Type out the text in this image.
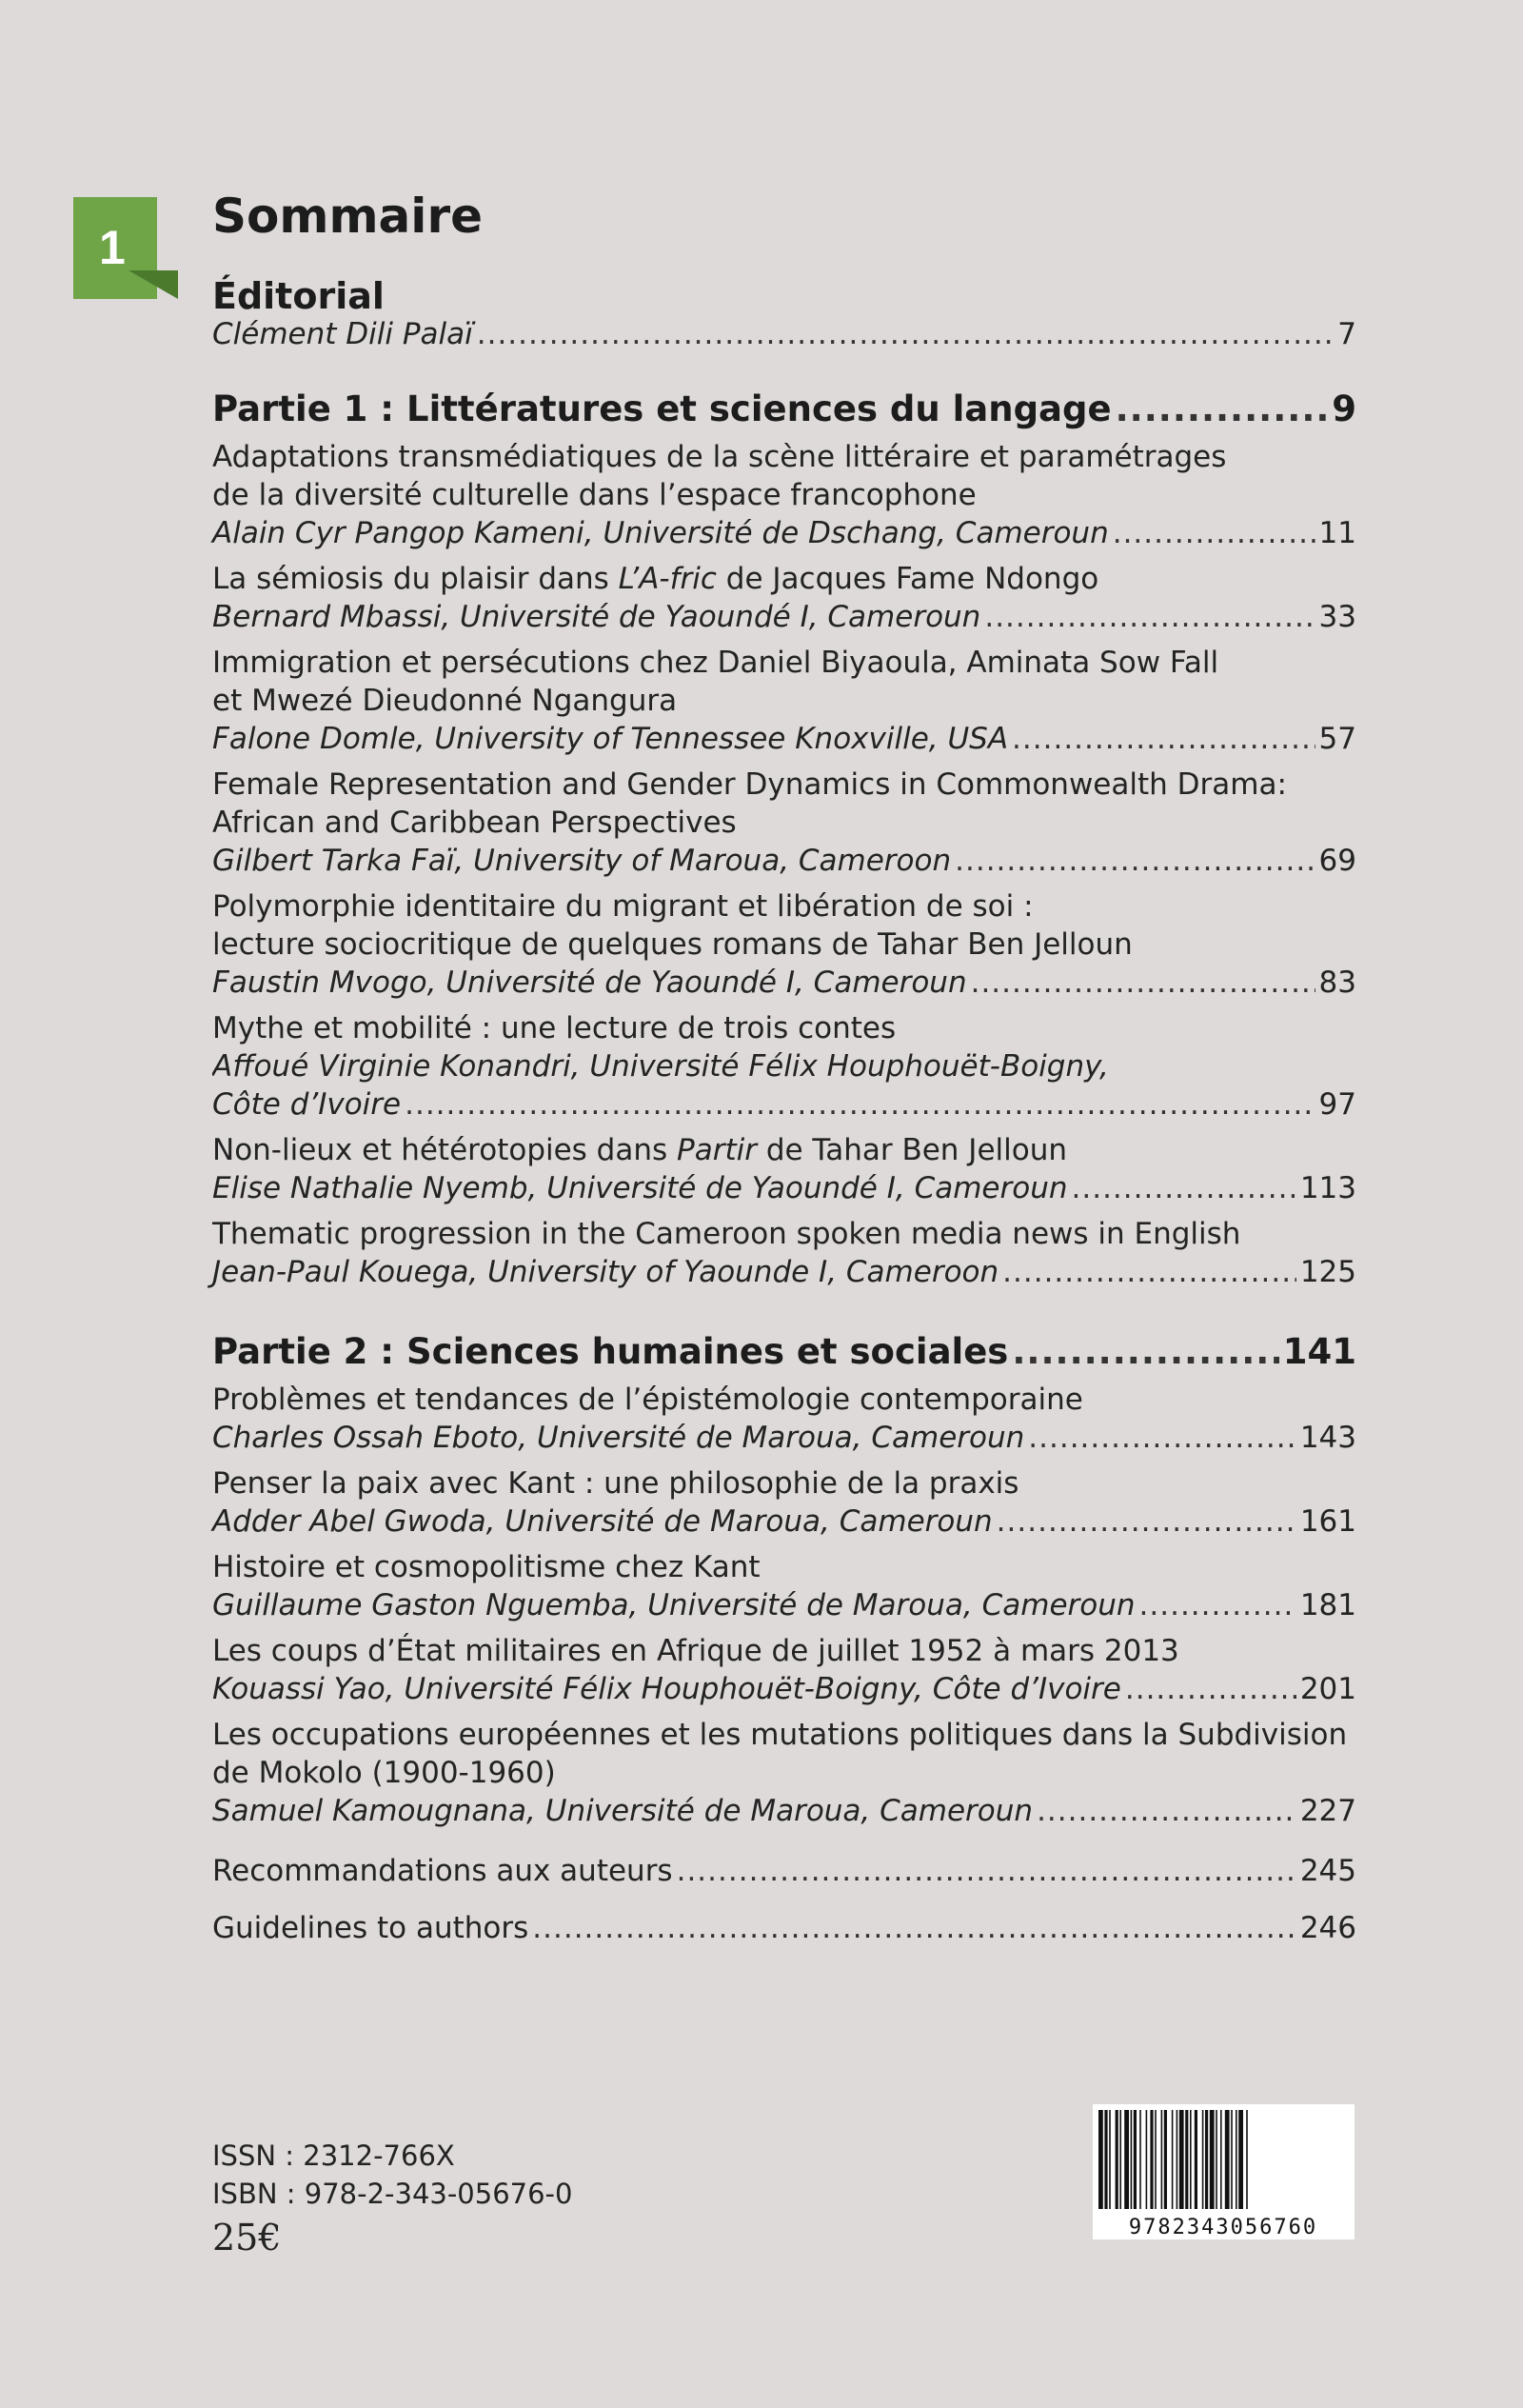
1
Sommaire
Éditorial
Clément Dili Palaï .....	7
Partie 1 : Littératures et sciences du langage .....	9
Adaptations transmédiatiques de la scène littéraire et paramétrages
de la diversité culturelle dans l’espace francophone
Alain Cyr Pangop Kameni, Université de Dschang, Cameroun .....	11
La sémiosis du plaisir dans L’A-fric de Jacques Fame Ndongo
Bernard Mbassi, Université de Yaoundé I, Cameroun .....	33
Immigration et persécutions chez Daniel Biyaoula, Aminata Sow Fall
et Mwezé Dieudonné Ngangura
Falone Domle, University of Tennessee Knoxville, USA .....	57
Female Representation and Gender Dynamics in Commonwealth Drama:
African and Caribbean Perspectives
Gilbert Tarka Faï, University of Maroua, Cameroon .....	69
Polymorphie identitaire du migrant et libération de soi :
lecture sociocritique de quelques romans de Tahar Ben Jelloun
Faustin Mvogo, Université de Yaoundé I, Cameroun .....	83
Mythe et mobilité : une lecture de trois contes
Affoué Virginie Konandri, Université Félix Houphouët-Boigny,
Côte d’Ivoire .....	97
Non-lieux et hétérotopies dans Partir de Tahar Ben Jelloun
Elise Nathalie Nyemb, Université de Yaoundé I, Cameroun .....	113
Thematic progression in the Cameroon spoken media news in English
Jean-Paul Kouega, University of Yaounde I, Cameroon .....	125
Partie 2 : Sciences humaines et sociales .....	141
Problèmes et tendances de l’épistémologie contemporaine
Charles Ossah Eboto, Université de Maroua, Cameroun .....	143
Penser la paix avec Kant : une philosophie de la praxis
Adder Abel Gwoda, Université de Maroua, Cameroun .....	161
Histoire et cosmopolitisme chez Kant
Guillaume Gaston Nguemba, Université de Maroua, Cameroun .....	181
Les coups d’État militaires en Afrique de juillet 1952 à mars 2013
Kouassi Yao, Université Félix Houphouët-Boigny, Côte d’Ivoire .....	201
Les occupations européennes et les mutations politiques dans la Subdivision
de Mokolo (1900-1960)
Samuel Kamougnana, Université de Maroua, Cameroun .....	227
Recommandations aux auteurs .....	245
Guidelines to authors .....	246
ISSN : 2312-766X
ISBN : 978-2-343-05676-0
25€	9782343056760
